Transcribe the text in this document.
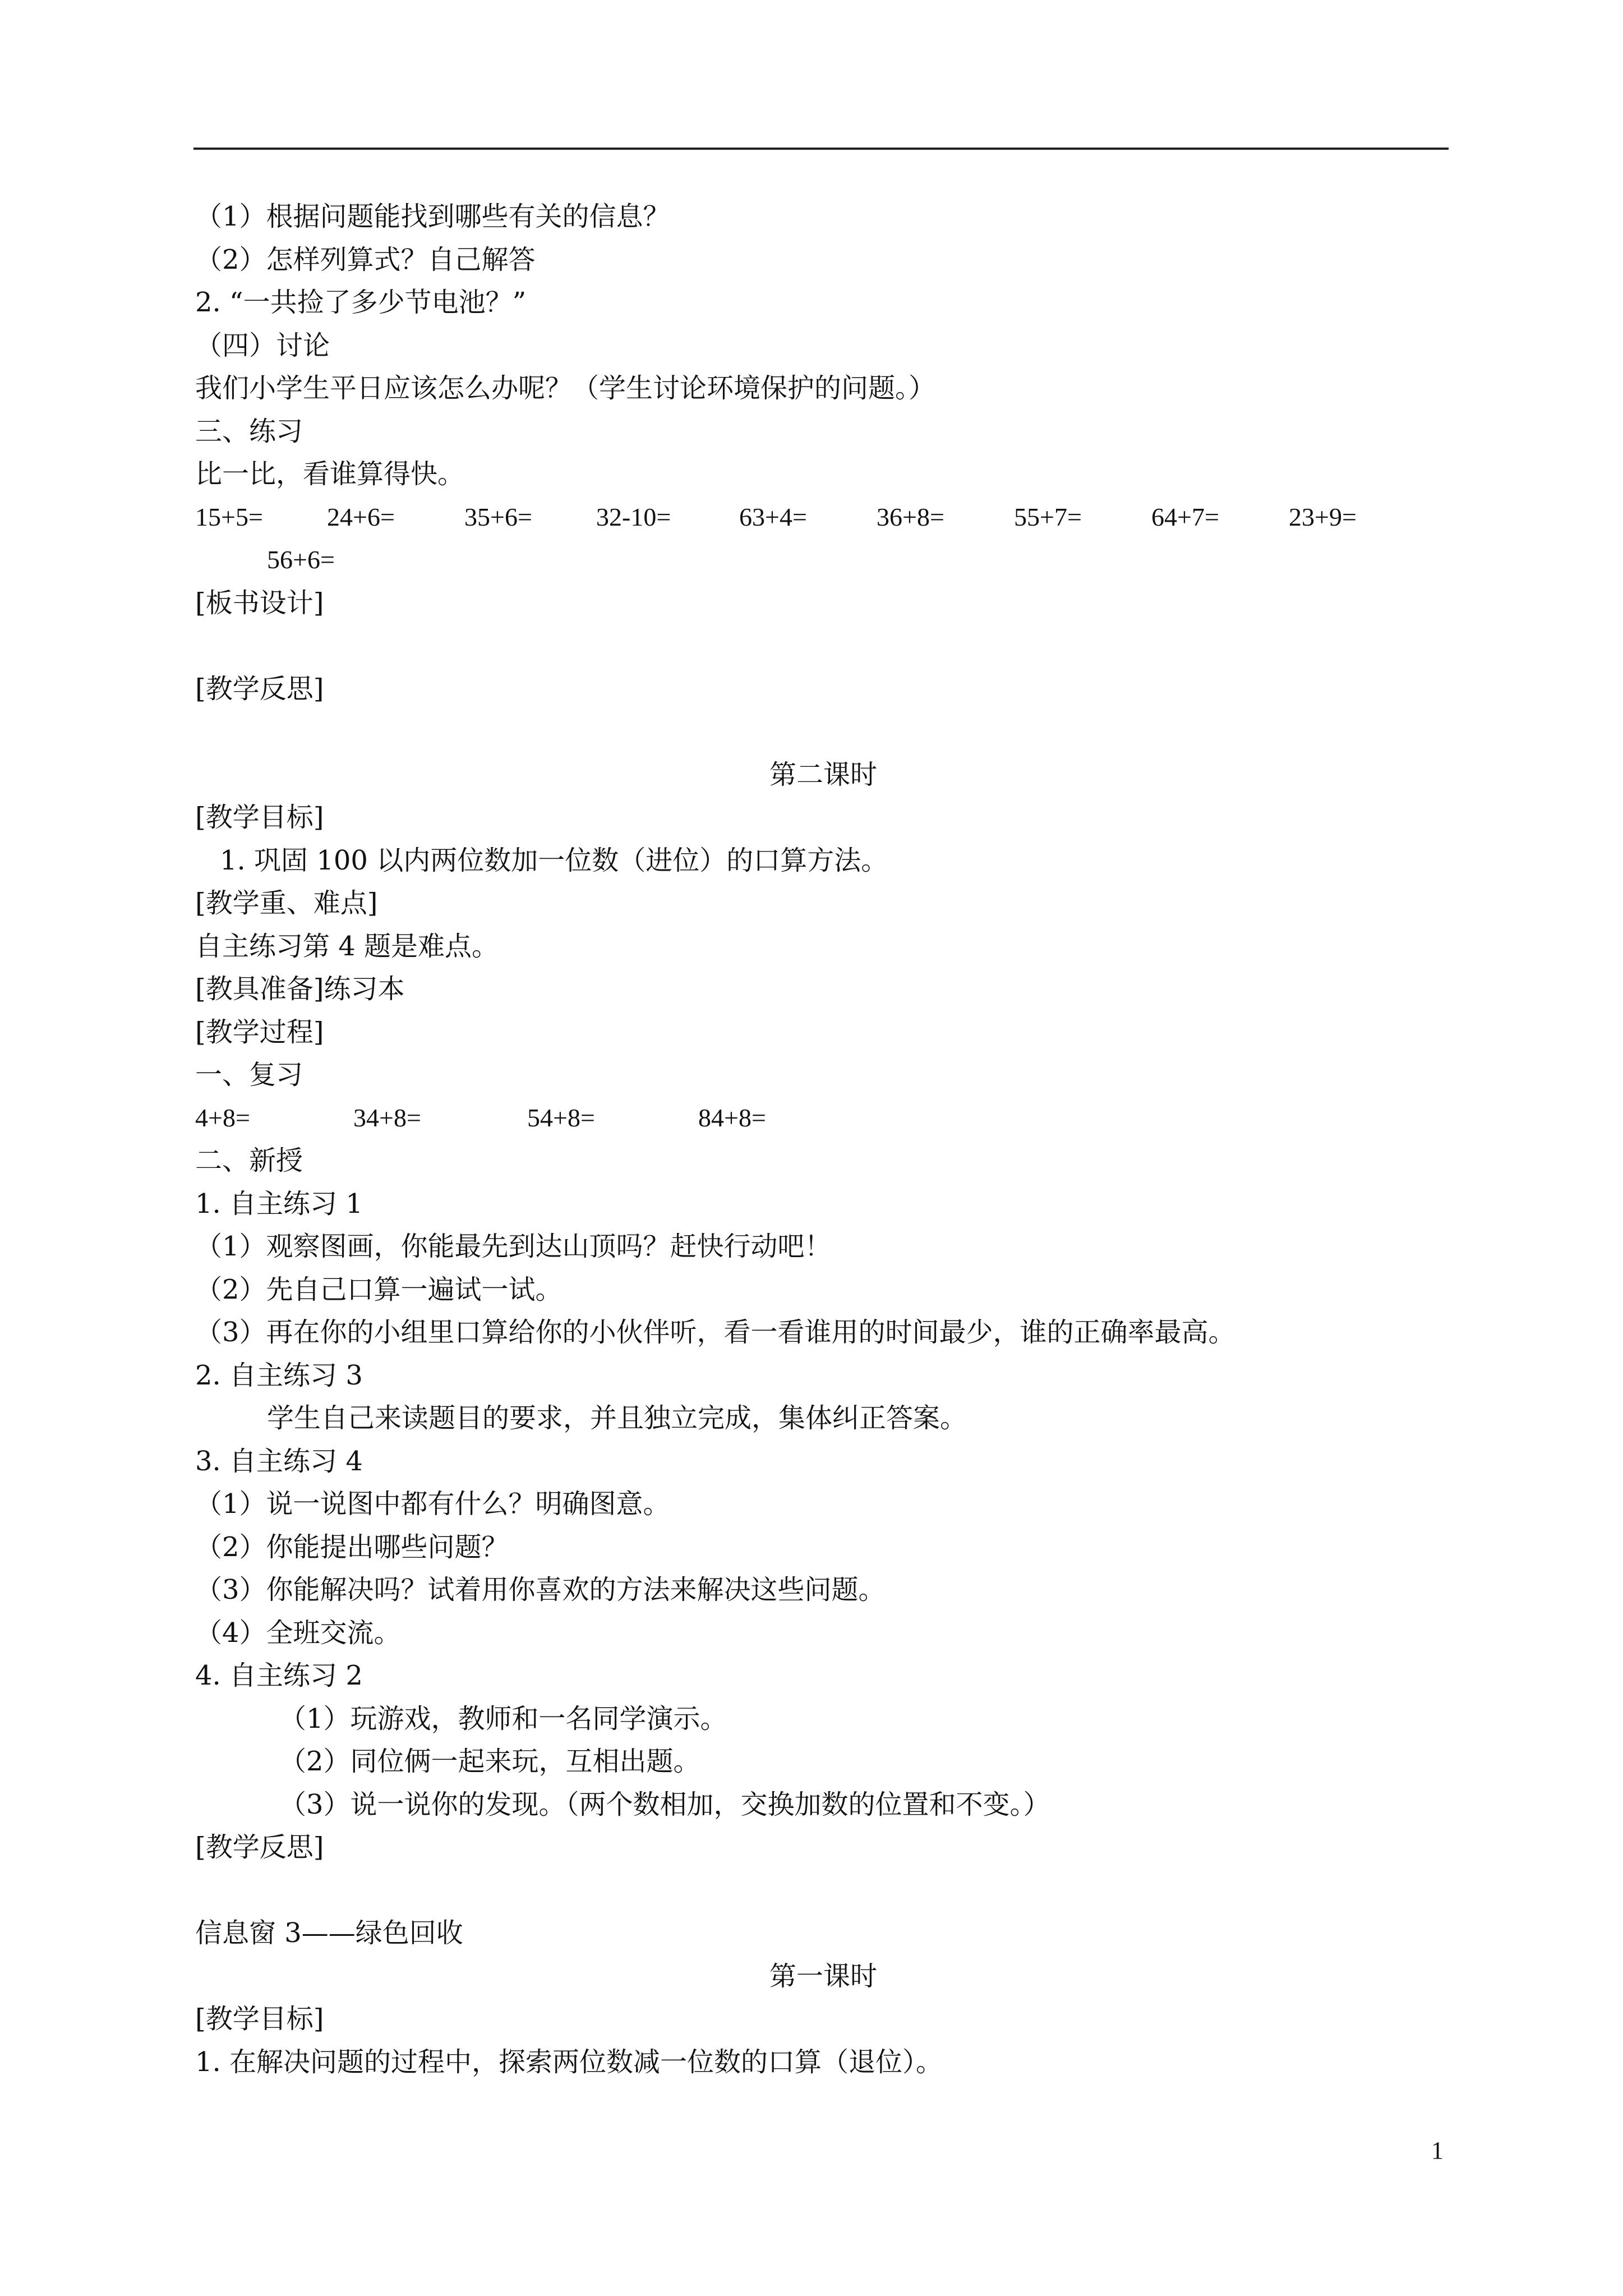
（1）根据问题能找到哪些有关的信息？
（2）怎样列算式？自己解答
2. “一共捡了多少节电池？”
（四）讨论
我们小学生平日应该怎么办呢？（学生讨论环境保护的问题。）
三、练习
比一比，看谁算得快。
15+5=	24+6=	35+6=	32-10=	63+4=	36+8=	55+7=	64+7=	23+9=
56+6=
[板书设计]
[教学反思]
第二课时
[教学目标]
1. 巩固 100 以内两位数加一位数（进位）的口算方法。
[教学重、难点]
自主练习第 4 题是难点。
[教具准备]练习本
[教学过程]
一、复习
4+8=	34+8=	54+8=	84+8=
二、新授
1. 自主练习 1
（1）观察图画，你能最先到达山顶吗？赶快行动吧！
（2）先自己口算一遍试一试。
（3）再在你的小组里口算给你的小伙伴听，看一看谁用的时间最少，谁的正确率最高。
2. 自主练习 3
学生自己来读题目的要求，并且独立完成，集体纠正答案。
3. 自主练习 4
（1）说一说图中都有什么？明确图意。
（2）你能提出哪些问题？
（3）你能解决吗？试着用你喜欢的方法来解决这些问题。
（4）全班交流。
4. 自主练习 2
（1）玩游戏，教师和一名同学演示。
（2）同位俩一起来玩，互相出题。
（3）说一说你的发现。（两个数相加，交换加数的位置和不变。）
[教学反思]
信息窗 3——绿色回收
第一课时
[教学目标]
1. 在解决问题的过程中，探索两位数减一位数的口算（退位）。
1
